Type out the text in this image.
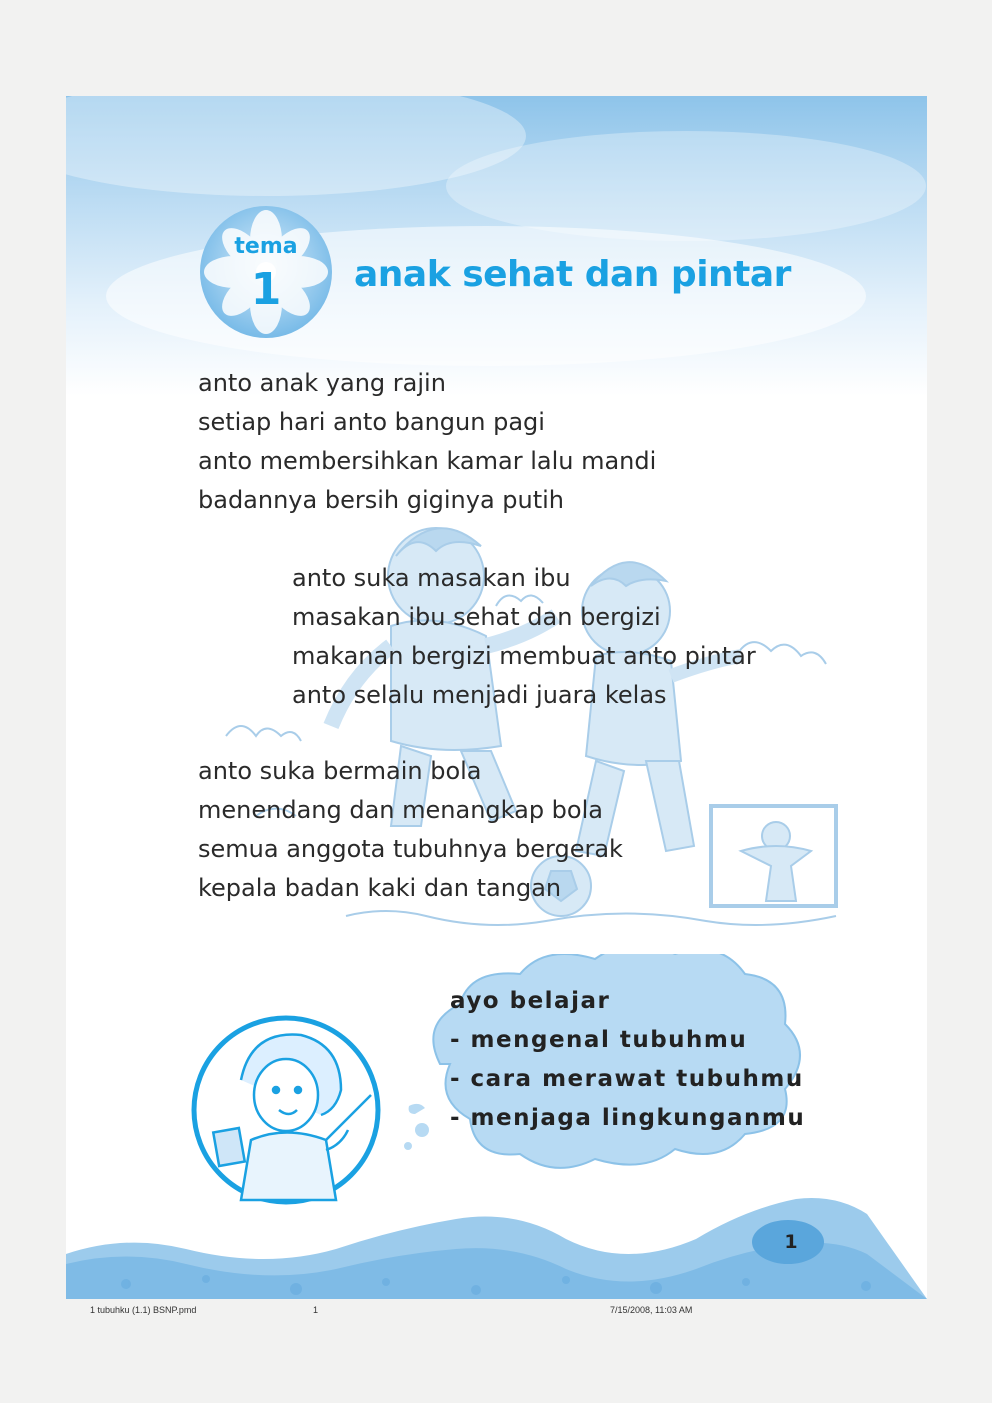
tema
1	anak sehat dan pintar
anto anak yang rajin
setiap hari anto bangun pagi
anto membersihkan kamar lalu mandi
badannya bersih giginya putih
anto suka masakan ibu
masakan ibu sehat dan bergizi
makanan bergizi membuat anto pintar
anto selalu menjadi juara kelas
anto suka bermain bola
menendang dan menangkap bola
semua anggota tubuhnya bergerak
kepala badan kaki dan tangan
ayo belajar
- mengenal tubuhmu
- cara merawat tubuhmu
- menjaga lingkunganmu
1
1 tubuhku (1.1) BSNP.pmd	1	7/15/2008, 11:03 AM
